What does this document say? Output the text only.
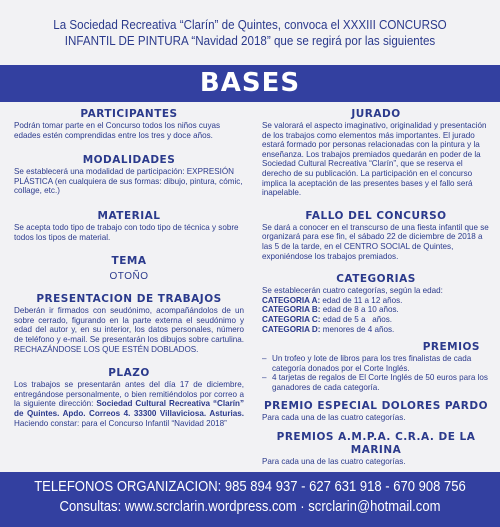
La Sociedad Recreativa “Clarín” de Quintes, convoca el XXXIII CONCURSO
INFANTIL DE PINTURA “Navidad 2018” que se regirá por las siguientes
BASES
PARTICIPANTES
Podrán tomar parte en el Concurso todos los niños cuyas edades estén comprendidas entre los tres y doce años.
MODALIDADES
Se establecerá una modalidad de participación: EXPRESIÓN PLÁSTICA (en cualquiera de sus formas: dibujo, pintura, cómic, collage, etc.)
MATERIAL
Se acepta todo tipo de trabajo con todo tipo de técnica y sobre todos los tipos de material.
TEMA
OTOÑO
PRESENTACION DE TRABAJOS
Deberán ir firmados con seudónimo, acompañándolos de un sobre cerrado, figurando en la parte externa el seudónimo y edad del autor y, en su interior, los datos personales, número de teléfono y e-mail. Se presentarán los dibujos sobre cartulina. RECHAZÁNDOSE LOS QUE ESTÉN DOBLADOS.
PLAZO
Los trabajos se presentarán antes del día 17 de diciembre, entregándose personalmente, o bien remitiéndolos por correo a la siguiente dirección: Sociedad Cultural Recreativa “Clarín” de Quintes. Apdo. Correos 4. 33300 Villaviciosa. Asturias. Haciendo constar: para el Concurso Infantil “Navidad 2018”
JURADO
Se valorará el aspecto imaginativo, originalidad y presentación de los trabajos como elementos más importantes. El jurado estará formado por personas relacionadas con la pintura y la enseñanza. Los trabajos premiados quedarán en poder de la Sociedad Cultural Recreativa “Clarín”, que se reserva el derecho de su publicación. La participación en el concurso implica la aceptación de las presentes bases y el fallo será inapelable.
FALLO DEL CONCURSO
Se dará a conocer en el transcurso de una fiesta infantil que se organizará para ese fin, el sábado 22 de diciembre de 2018 a las 5 de la tarde, en el CENTRO SOCIAL de Quintes, exponiéndose los trabajos premiados.
CATEGORIAS
Se establecerán cuatro categorías, según la edad:
CATEGORIA A: edad de 11 a 12 años.
CATEGORIA B: edad de 8 a 10 años.
CATEGORIA C: edad de 5 a   años.
CATEGORIA D: menores de 4 años.
PREMIOS
– Un trofeo y lote de libros para los tres finalistas de cada categoría donados por el Corte Inglés.
– 4 tarjetas de regalos de El Corte Inglés de 50 euros para los ganadores de cada categoría.
PREMIO ESPECIAL DOLORES PARDO
Para cada una de las cuatro categorías.
PREMIOS A.M.P.A. C.R.A. DE LA MARINA
Para cada una de las cuatro categorías.
TELEFONOS ORGANIZACION: 985 894 937 - 627 631 918 - 670 908 756
Consultas: www.scrclarin.wordpress.com · scrclarin@hotmail.com
